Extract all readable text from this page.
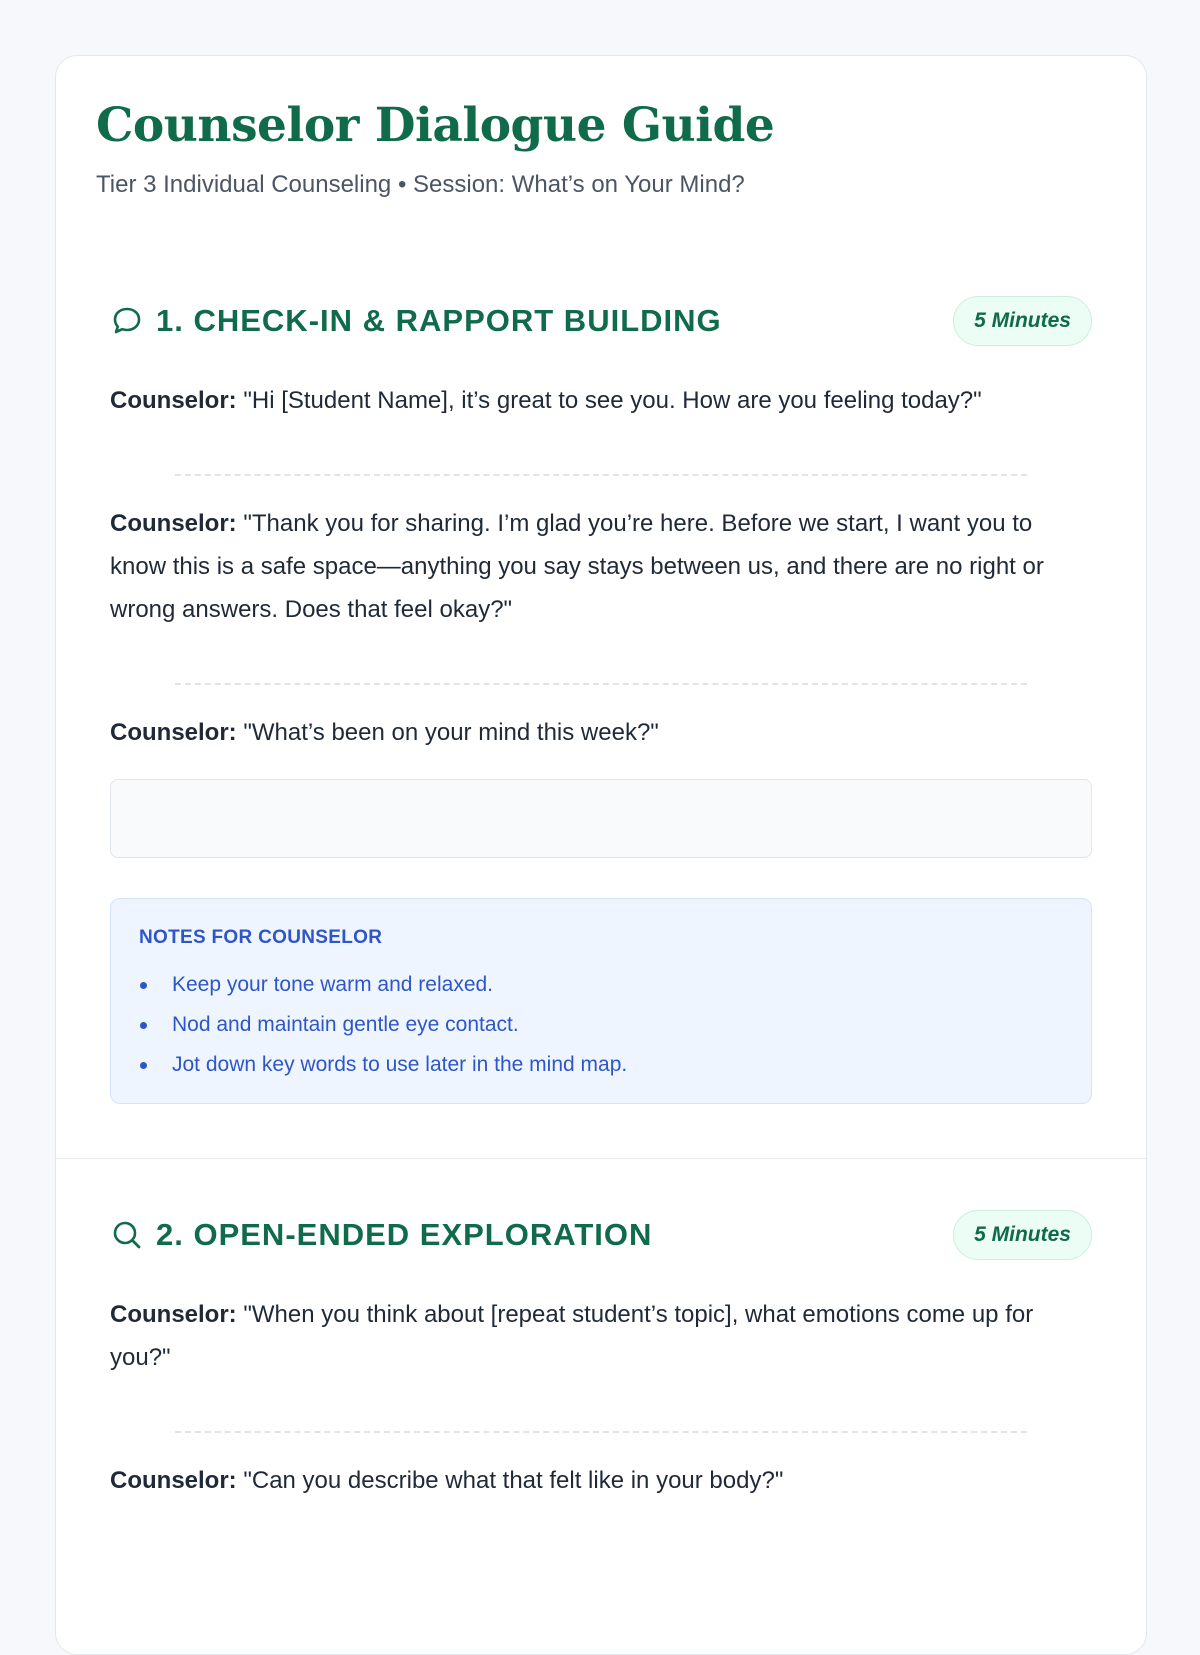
Counselor Dialogue Guide
Tier 3 Individual Counseling • Session: What’s on Your Mind?
1. CHECK-IN & RAPPORT BUILDING	5 Minutes
Counselor: "Hi [Student Name], it’s great to see you. How are you feeling today?"
Counselor: "Thank you for sharing. I’m glad you’re here. Before we start, I want you to know this is a safe space—anything you say stays between us, and there are no right or wrong answers. Does that feel okay?"
Counselor: "What’s been on your mind this week?"
NOTES FOR COUNSELOR
Keep your tone warm and relaxed.
Nod and maintain gentle eye contact.
Jot down key words to use later in the mind map.
2. OPEN-ENDED EXPLORATION	5 Minutes
Counselor: "When you think about [repeat student’s topic], what emotions come up for you?"
Counselor: "Can you describe what that felt like in your body?"
